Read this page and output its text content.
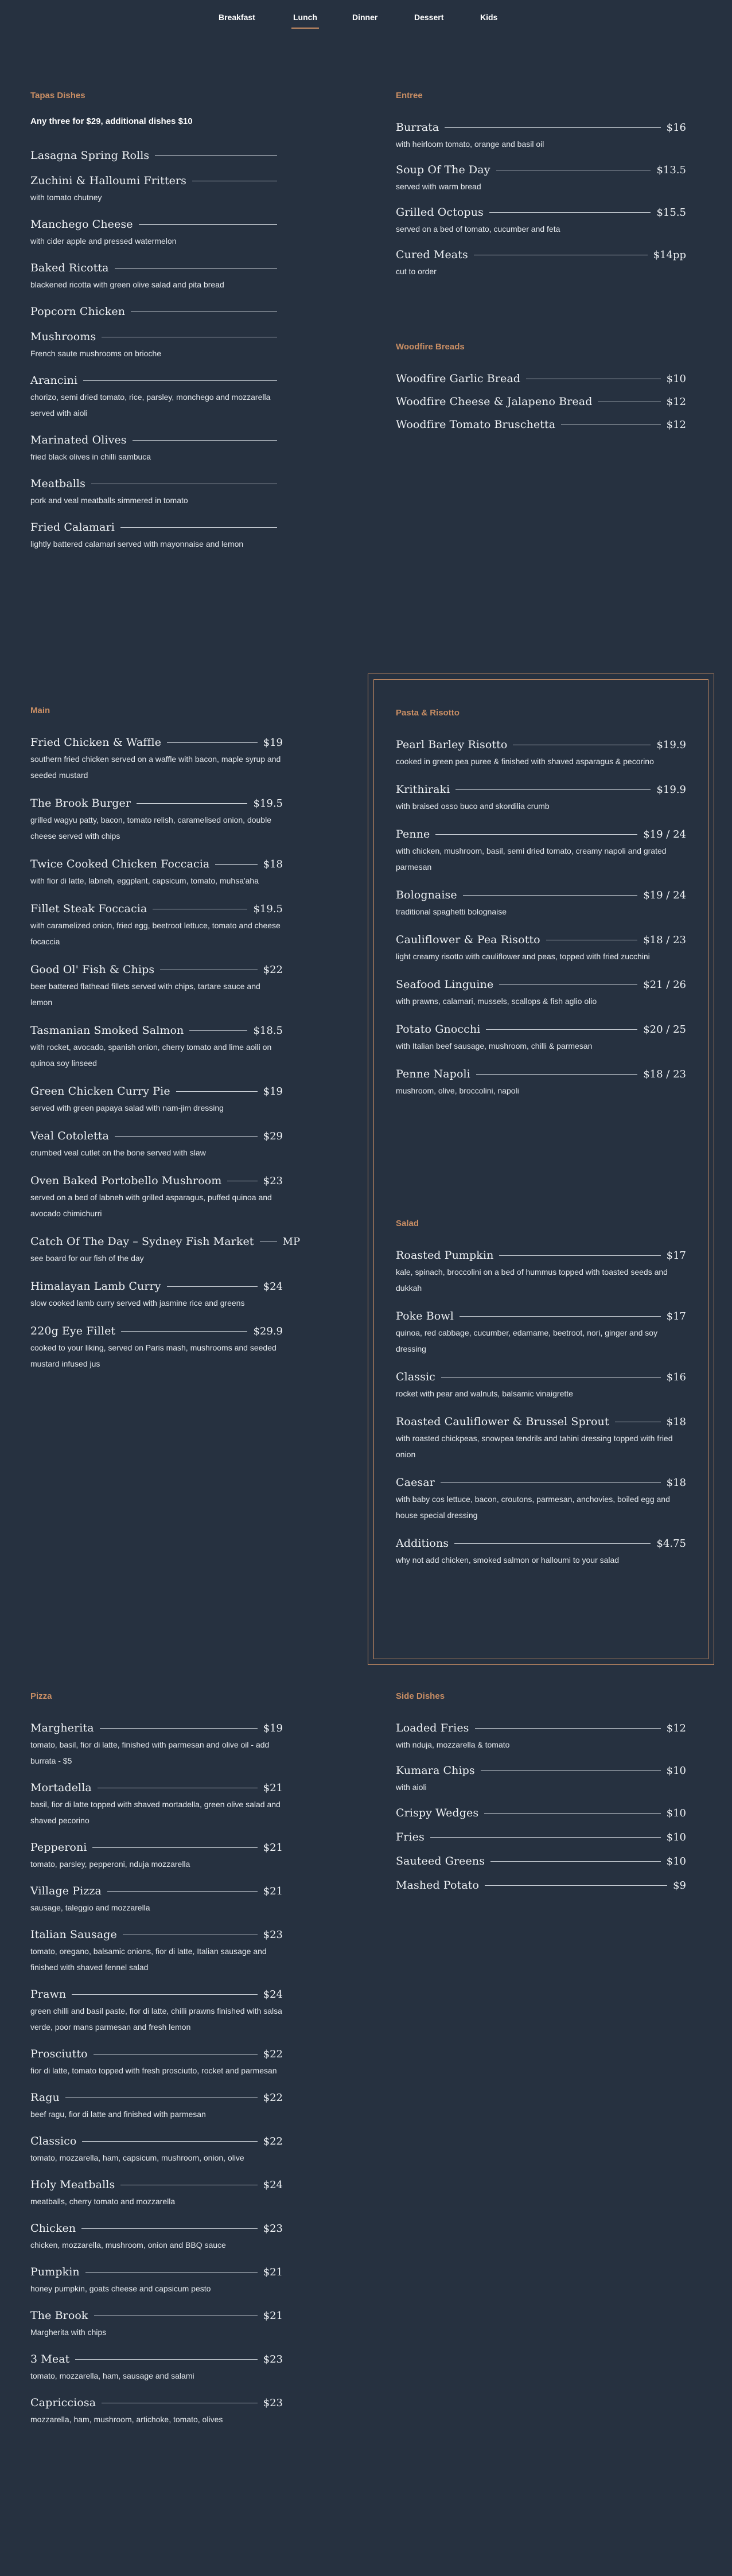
Breakfast	Lunch	Dinner	Dessert	Kids
Tapas Dishes
Any three for $29, additional dishes $10
Lasagna Spring Rolls
Zuchini & Halloumi Fritters
with tomato chutney
Manchego Cheese
with cider apple and pressed watermelon
Baked Ricotta
blackened ricotta with green olive salad and pita bread
Popcorn Chicken
Mushrooms
French saute mushrooms on brioche
Arancini
chorizo, semi dried tomato, rice, parsley, monchego and mozzarella served with aioli
Marinated Olives
fried black olives in chilli sambuca
Meatballs
pork and veal meatballs simmered in tomato
Fried Calamari
lightly battered calamari served with mayonnaise and lemon
Entree
Burrata	$16
with heirloom tomato, orange and basil oil
Soup Of The Day	$13.5
served with warm bread
Grilled Octopus	$15.5
served on a bed of tomato, cucumber and feta
Cured Meats	$14pp
cut to order
Woodfire Breads
Woodfire Garlic Bread	$10
Woodfire Cheese & Jalapeno Bread	$12
Woodfire Tomato Bruschetta	$12
Main
Fried Chicken & Waffle	$19
southern fried chicken served on a waffle with bacon, maple syrup and seeded mustard
The Brook Burger	$19.5
grilled wagyu patty, bacon, tomato relish, caramelised onion, double cheese served with chips
Twice Cooked Chicken Foccacia	$18
with fior di latte, labneh, eggplant, capsicum, tomato, muhsa'aha
Fillet Steak Foccacia	$19.5
with caramelized onion, fried egg, beetroot lettuce, tomato and cheese focaccia
Good Ol' Fish & Chips	$22
beer battered flathead fillets served with chips, tartare sauce and lemon
Tasmanian Smoked Salmon	$18.5
with rocket, avocado, spanish onion, cherry tomato and lime aoili on quinoa soy linseed
Green Chicken Curry Pie	$19
served with green papaya salad with nam-jim dressing
Veal Cotoletta	$29
crumbed veal cutlet on the bone served with slaw
Oven Baked Portobello Mushroom	$23
served on a bed of labneh with grilled asparagus, puffed quinoa and avocado chimichurri
Catch Of The Day – Sydney Fish Market	MP
see board for our fish of the day
Himalayan Lamb Curry	$24
slow cooked lamb curry served with jasmine rice and greens
220g Eye Fillet	$29.9
cooked to your liking, served on Paris mash, mushrooms and seeded mustard infused jus
Pasta & Risotto
Pearl Barley Risotto	$19.9
cooked in green pea puree & finished with shaved asparagus & pecorino
Krithiraki	$19.9
with braised osso buco and skordilia crumb
Penne	$19 / 24
with chicken, mushroom, basil, semi dried tomato, creamy napoli and grated parmesan
Bolognaise	$19 / 24
traditional spaghetti bolognaise
Cauliflower & Pea Risotto	$18 / 23
light creamy risotto with cauliflower and peas, topped with fried zucchini
Seafood Linguine	$21 / 26
with prawns, calamari, mussels, scallops & fish aglio olio
Potato Gnocchi	$20 / 25
with Italian beef sausage, mushroom, chilli & parmesan
Penne Napoli	$18 / 23
mushroom, olive, broccolini, napoli
Salad
Roasted Pumpkin	$17
kale, spinach, broccolini on a bed of hummus topped with toasted seeds and dukkah
Poke Bowl	$17
quinoa, red cabbage, cucumber, edamame, beetroot, nori, ginger and soy dressing
Classic	$16
rocket with pear and walnuts, balsamic vinaigrette
Roasted Cauliflower & Brussel Sprout	$18
with roasted chickpeas, snowpea tendrils and tahini dressing topped with fried onion
Caesar	$18
with baby cos lettuce, bacon, croutons, parmesan, anchovies, boiled egg and house special dressing
Additions	$4.75
why not add chicken, smoked salmon or halloumi to your salad
Pizza
Margherita	$19
tomato, basil, fior di latte, finished with parmesan and olive oil - add burrata - $5
Mortadella	$21
basil, fior di latte topped with shaved mortadella, green olive salad and shaved pecorino
Pepperoni	$21
tomato, parsley, pepperoni, nduja mozzarella
Village Pizza	$21
sausage, taleggio and mozzarella
Italian Sausage	$23
tomato, oregano, balsamic onions, fior di latte, Italian sausage and finished with shaved fennel salad
Prawn	$24
green chilli and basil paste, fior di latte, chilli prawns finished with salsa verde, poor mans parmesan and fresh lemon
Prosciutto	$22
fior di latte, tomato topped with fresh prosciutto, rocket and parmesan
Ragu	$22
beef ragu, fior di latte and finished with parmesan
Classico	$22
tomato, mozzarella, ham, capsicum, mushroom, onion, olive
Holy Meatballs	$24
meatballs, cherry tomato and mozzarella
Chicken	$23
chicken, mozzarella, mushroom, onion and BBQ sauce
Pumpkin	$21
honey pumpkin, goats cheese and capsicum pesto
The Brook	$21
Margherita with chips
3 Meat	$23
tomato, mozzarella, ham, sausage and salami
Capricciosa	$23
mozzarella, ham, mushroom, artichoke, tomato, olives
Side Dishes
Loaded Fries	$12
with nduja, mozzarella & tomato
Kumara Chips	$10
with aioli
Crispy Wedges	$10
Fries	$10
Sauteed Greens	$10
Mashed Potato	$9
